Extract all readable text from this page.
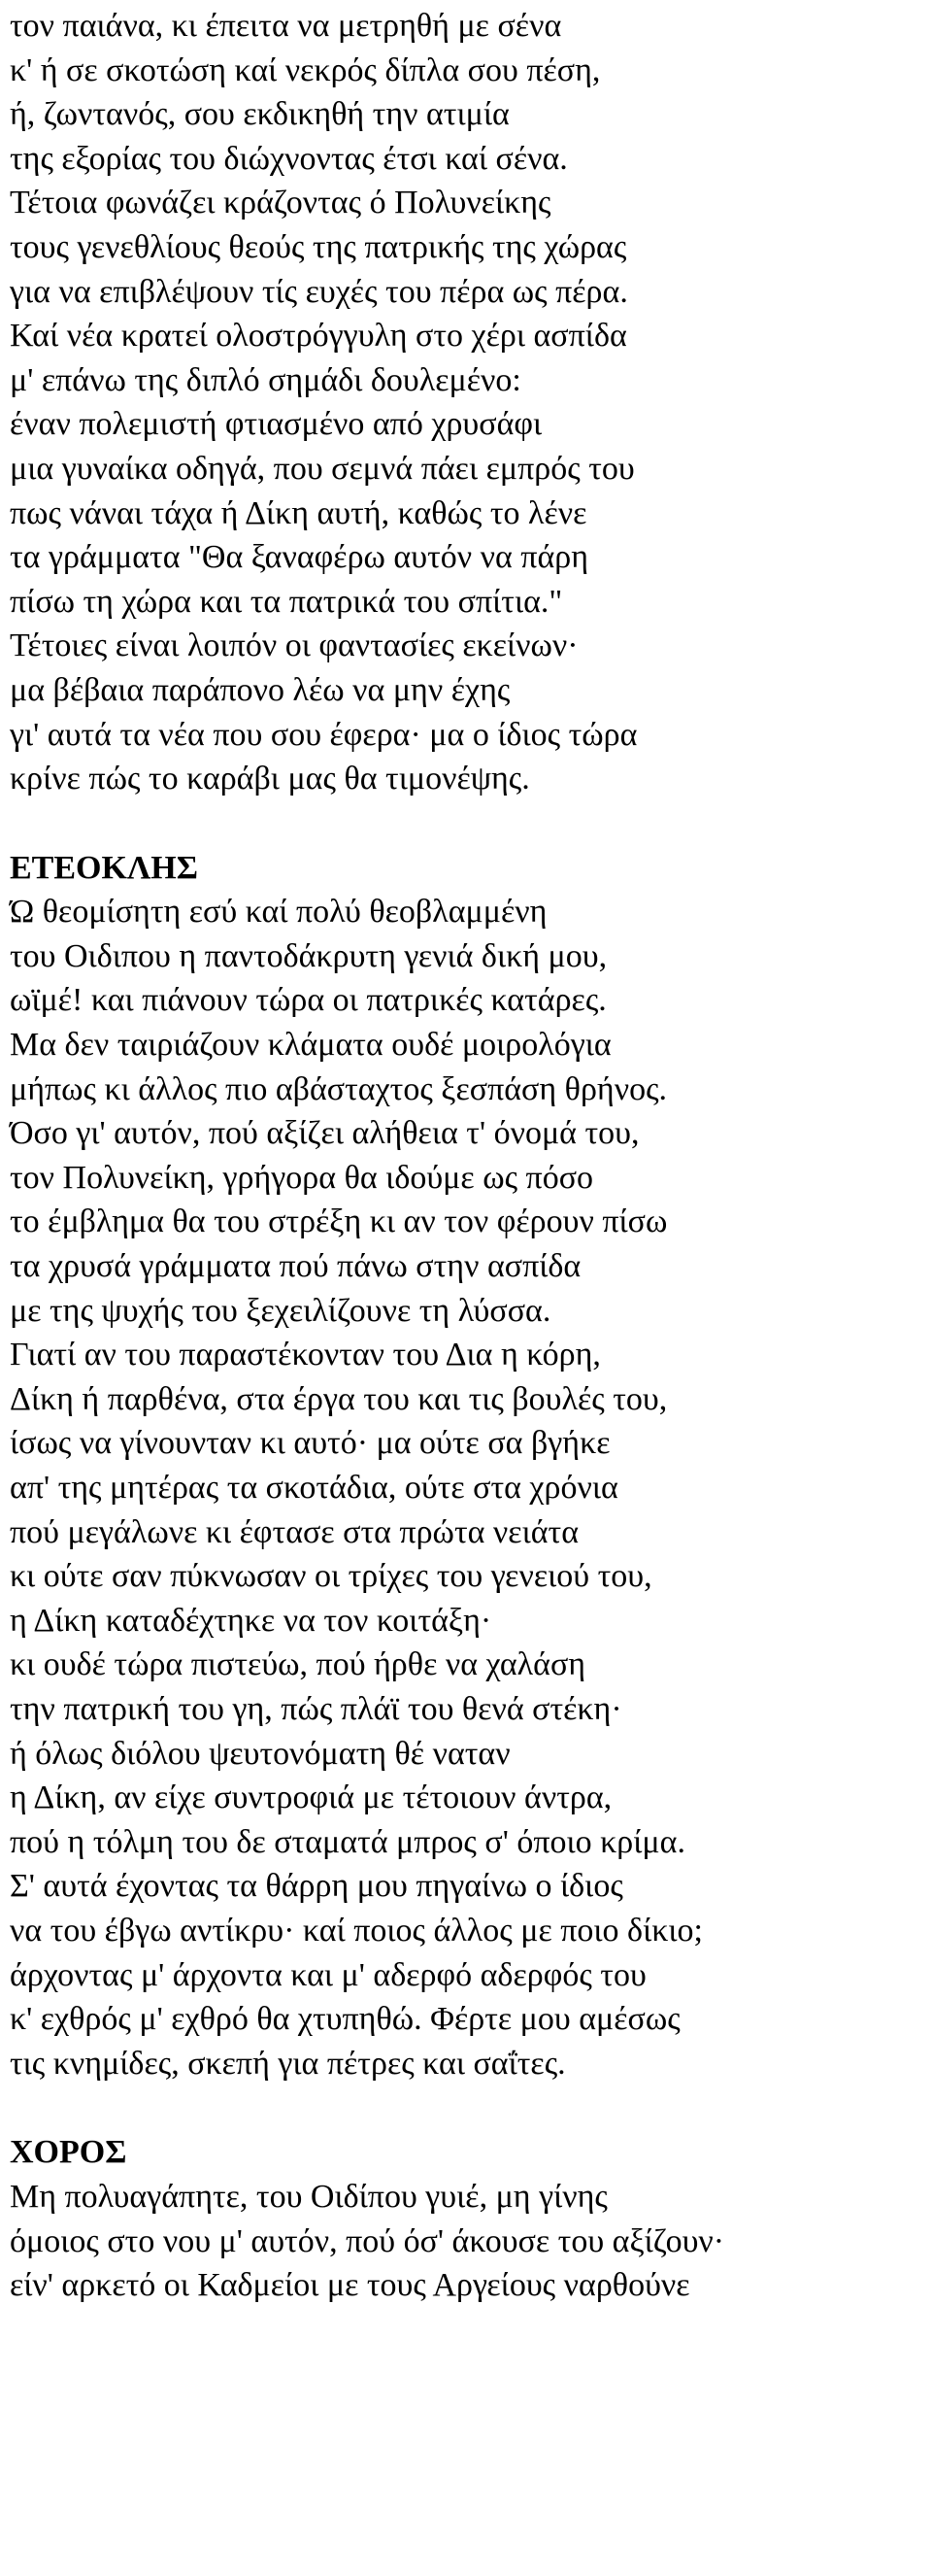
τον παιάνα, κι έπειτα να μετρηθή με σένα
κ' ή σε σκοτώση καί νεκρός δίπλα σου πέση,
ή, ζωντανός, σου εκδικηθή την ατιμία
της εξορίας του διώχνοντας έτσι καί σένα.
Τέτοια φωνάζει κράζοντας ό Πολυνείκης
τους γενεθλίους θεούς της πατρικής της χώρας
για να επιβλέψουν τίς ευχές του πέρα ως πέρα.
Καί νέα κρατεί ολοστρόγγυλη στο χέρι ασπίδα
μ' επάνω της διπλό σημάδι δουλεμένο:
έναν πολεμιστή φτιασμένο από χρυσάφι
μια γυναίκα οδηγά, που σεμνά πάει εμπρός του
πως νάναι τάχα ή Δίκη αυτή, καθώς το λένε
τα γράμματα "Θα ξαναφέρω αυτόν να πάρη
πίσω τη χώρα και τα πατρικά του σπίτια."
Τέτοιες είναι λοιπόν οι φαντασίες εκείνων·
μα βέβαια παράπονο λέω να μην έχης
γι' αυτά τα νέα που σου έφερα· μα ο ίδιος τώρα
κρίνε πώς το καράβι μας θα τιμονέψης.
ΕΤΕΟΚΛΗΣ
Ώ θεομίσητη εσύ καί πολύ θεοβλαμμένη
του Οιδιπου η παντοδάκρυτη γενιά δική μου,
ωϊμέ! και πιάνουν τώρα οι πατρικές κατάρες.
Μα δεν ταιριάζουν κλάματα ουδέ μοιρολόγια
μήπως κι άλλος πιο αβάσταχτος ξεσπάση θρήνος.
Όσο γι' αυτόν, πού αξίζει αλήθεια τ' όνομά του,
τον Πολυνείκη, γρήγορα θα ιδούμε ως πόσο
το έμβλημα θα του στρέξη κι αν τον φέρουν πίσω
τα χρυσά γράμματα πού πάνω στην ασπίδα
με της ψυχής του ξεχειλίζουνε τη λύσσα.
Γιατί αν του παραστέκονταν του Δια η κόρη,
Δίκη ή παρθένα, στα έργα του και τις βουλές του,
ίσως να γίνουνταν κι αυτό· μα ούτε σα βγήκε
απ' της μητέρας τα σκοτάδια, ούτε στα χρόνια
πού μεγάλωνε κι έφτασε στα πρώτα νειάτα
κι ούτε σαν πύκνωσαν οι τρίχες του γενειού του,
η Δίκη καταδέχτηκε να τον κοιτάξη·
κι ουδέ τώρα πιστεύω, πού ήρθε να χαλάση
την πατρική του γη, πώς πλάϊ του θενά στέκη·
ή όλως διόλου ψευτονόματη θέ ναταν
η Δίκη, αν είχε συντροφιά με τέτοιουν άντρα,
πού η τόλμη του δε σταματά μπρος σ' όποιο κρίμα.
Σ' αυτά έχοντας τα θάρρη μου πηγαίνω ο ίδιος
να του έβγω αντίκρυ· καί ποιος άλλος με ποιο δίκιο;
άρχοντας μ' άρχοντα και μ' αδερφό αδερφός του
κ' εχθρός μ' εχθρό θα χτυπηθώ. Φέρτε μου αμέσως
τις κνημίδες, σκεπή για πέτρες και σαΐτες.
ΧΟΡΟΣ
Μη πολυαγάπητε, του Οιδίπου γυιέ, μη γίνης
όμοιος στο νου μ' αυτόν, πού όσ' άκουσε του αξίζουν·
είν' αρκετό οι Καδμείοι με τους Αργείους ναρθούνε
